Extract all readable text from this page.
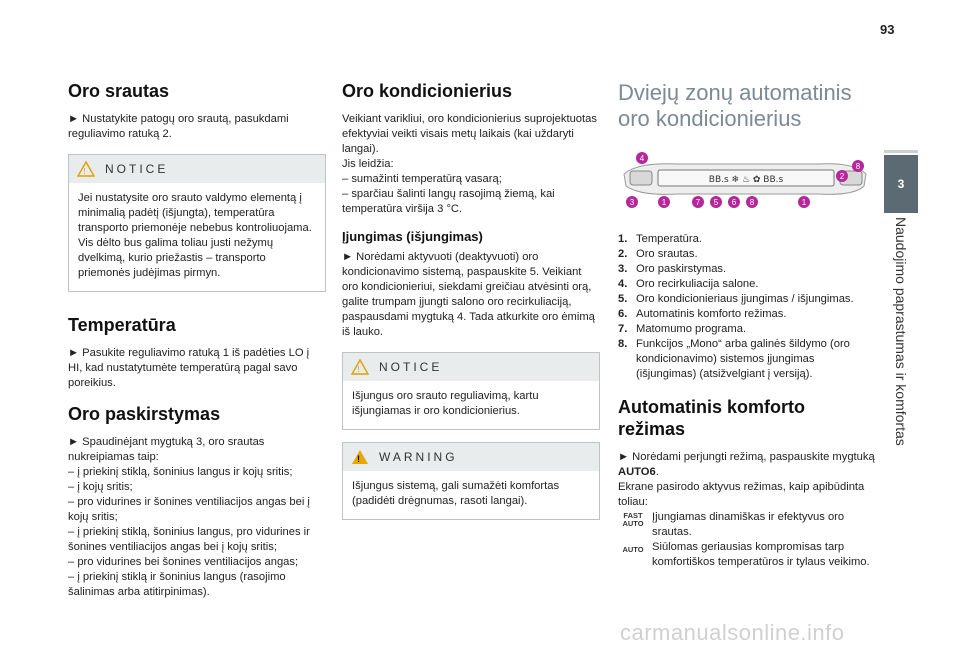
93
3
Naudojimo paprastumas ir komfortas
Oro srautas

► Nustatykite patogų oro srautą, pasukdami reguliavimo ratuką 2.

! NOTICE
Jei nustatysite oro srauto valdymo elementą į minimalią padėtį (išjungta), temperatūra transporto priemonėje nebebus kontroliuojama. Vis dėlto bus galima toliau justi nežymų dvelkimą, kurio priežastis – transporto priemonės judėjimas pirmyn.
Temperatūra

► Pasukite reguliavimo ratuką 1 iš padėties LO į HI, kad nustatytumėte temperatūrą pagal savo poreikius.

Oro paskirstymas

► Spaudinėjant mygtuką 3, oro srautas nukreipiamas taip:

– į priekinį stiklą, šoninius langus ir kojų sritis;

– į kojų sritis;

– pro vidurines ir šonines ventiliacijos angas bei į kojų sritis;

– į priekinį stiklą, šoninius langus, pro vidurines ir šonines ventiliacijos angas bei į kojų sritis;

– pro vidurines bei šonines ventiliacijos angas;

– į priekinį stiklą ir šoninius langus (rasojimo šalinimas arba atitirpinimas).

Oro kondicionierius

Veikiant varikliui, oro kondicionierius suprojektuotas efektyviai veikti visais metų laikais (kai uždaryti langai).

Jis leidžia:

– sumažinti temperatūrą vasarą;

– sparčiau šalinti langų rasojimą žiemą, kai temperatūra viršija 3 °C.

Įjungimas (išjungimas)

► Norėdami aktyvuoti (deaktyvuoti) oro kondicionavimo sistemą, paspauskite 5. Veikiant oro kondicionieriui, siekdami greičiau atvėsinti orą, galite trumpam įjungti salono oro recirkuliaciją, paspausdami mygtuką 4. Tada atkurkite oro ėmimą iš lauko.

! NOTICE
Išjungus oro srauto reguliavimą, kartu išjungiamas ir oro kondicionierius.
! WARNING
Išjungus sistemą, gali sumažėti komfortas (padidėti drėgnumas, rasoti langai).
Dviejų zonų automatinis
oro kondicionierius
BB.s ❄ ♨ ✿ BB.s
4
2
8
3	1	7 5 6 8	1
1. Temperatūra.
2. Oro srautas.
3. Oro paskirstymas.
4. Oro recirkuliacija salone.
5. Oro kondicionieriaus įjungimas / išjungimas.
6. Automatinis komforto režimas.
7. Matomumo programa.
8. Funkcijos „Mono“ arba galinės šildymo (oro kondicionavimo) sistemos įjungimas (išjungimas) (atsižvelgiant į versiją).
Automatinis komforto
režimas

► Norėdami perjungti režimą, paspauskite mygtuką AUTO6.

Ekrane pasirodo aktyvus režimas, kaip apibūdinta toliau:

FAST
AUTO

Įjungiamas dinamiškas ir efektyvus oro srautas.

AUTO Siūlomas geriausias kompromisas tarp komfortiškos temperatūros ir tylaus veikimo.

carmanualsonline.info
